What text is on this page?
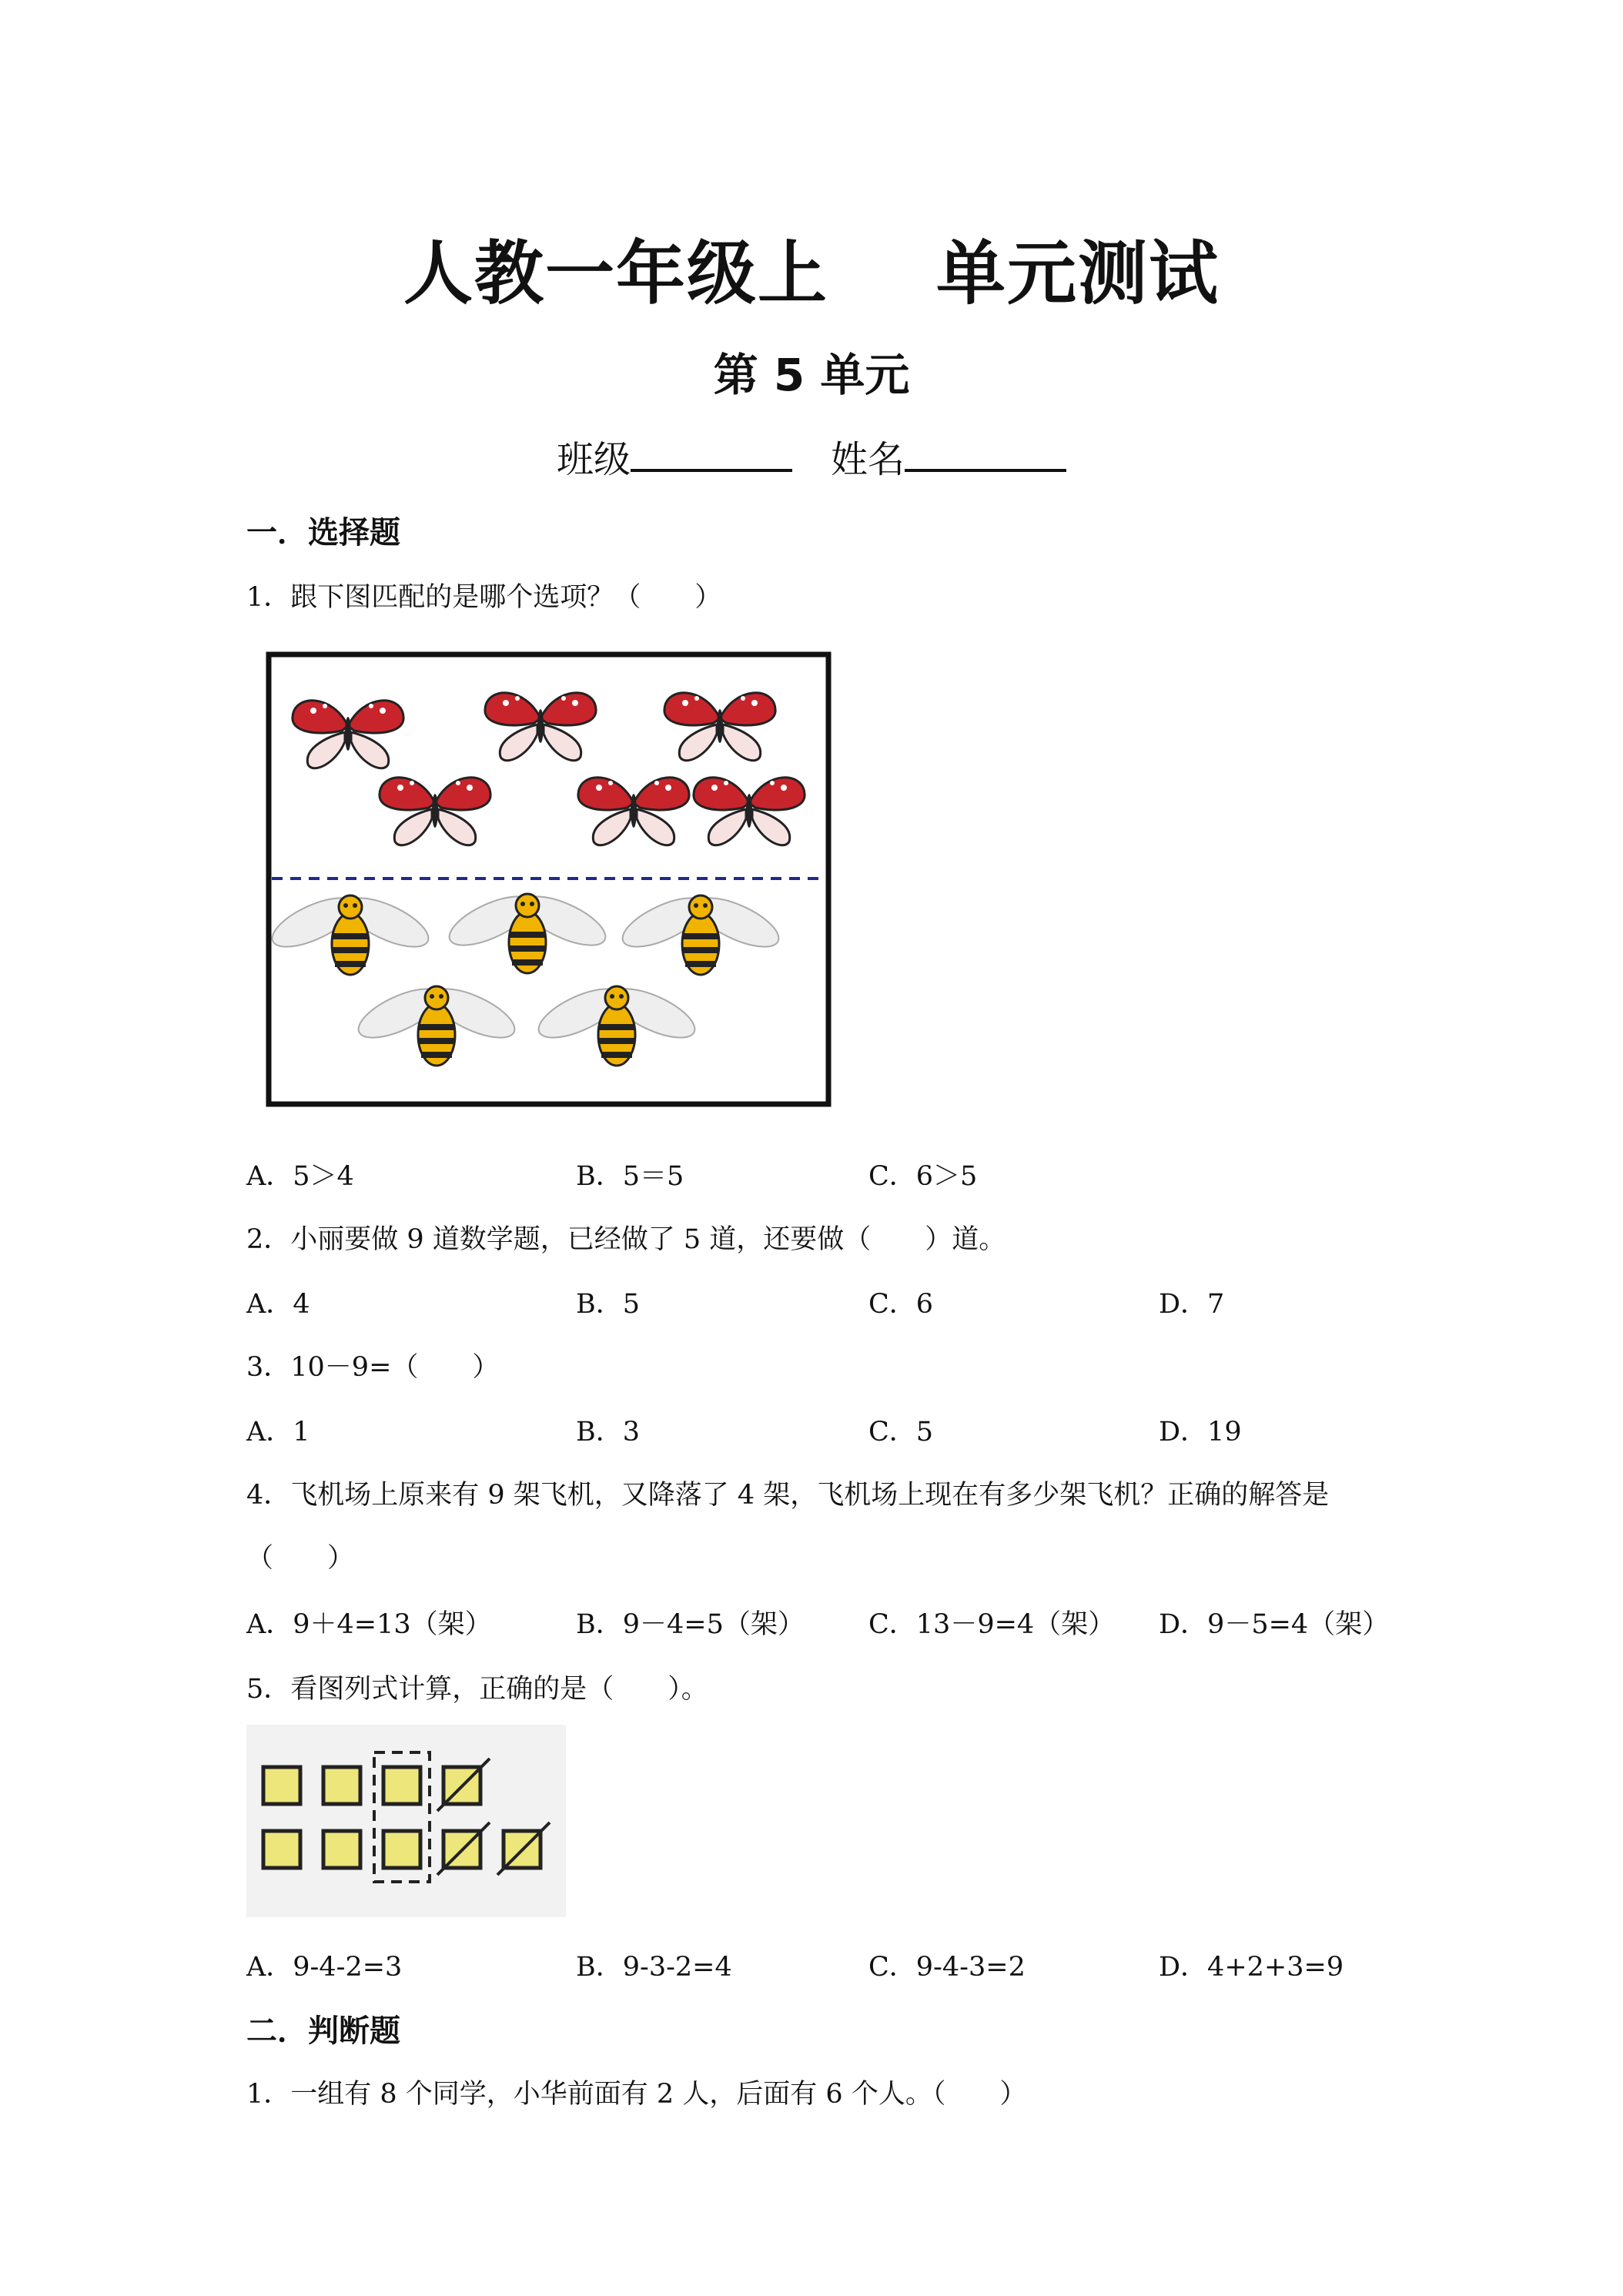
人教一年级上 单元测试
第 5 单元
班级	姓名
一．选择题
1．跟下图匹配的是哪个选项？（　　）
A．5＞4	B．5＝5	C．6＞5
2．小丽要做 9 道数学题，已经做了 5 道，还要做（　　）道。
A．4	B．5	C．6	D．7
3．10－9=（　　）
A．1	B．3	C．5	D．19
4．飞机场上原来有 9 架飞机，又降落了 4 架，飞机场上现在有多少架飞机？正确的解答是
（　　）
A．9＋4=13（架）	B．9－4=5（架） C．13－9=4（架） D．9－5=4（架）
5．看图列式计算，正确的是（　　）。
A．9-4-2=3	B．9-3-2=4	C．9-4-3=2	D．4+2+3=9
二．判断题
1．一组有 8 个同学，小华前面有 2 人，后面有 6 个人。（　　）
